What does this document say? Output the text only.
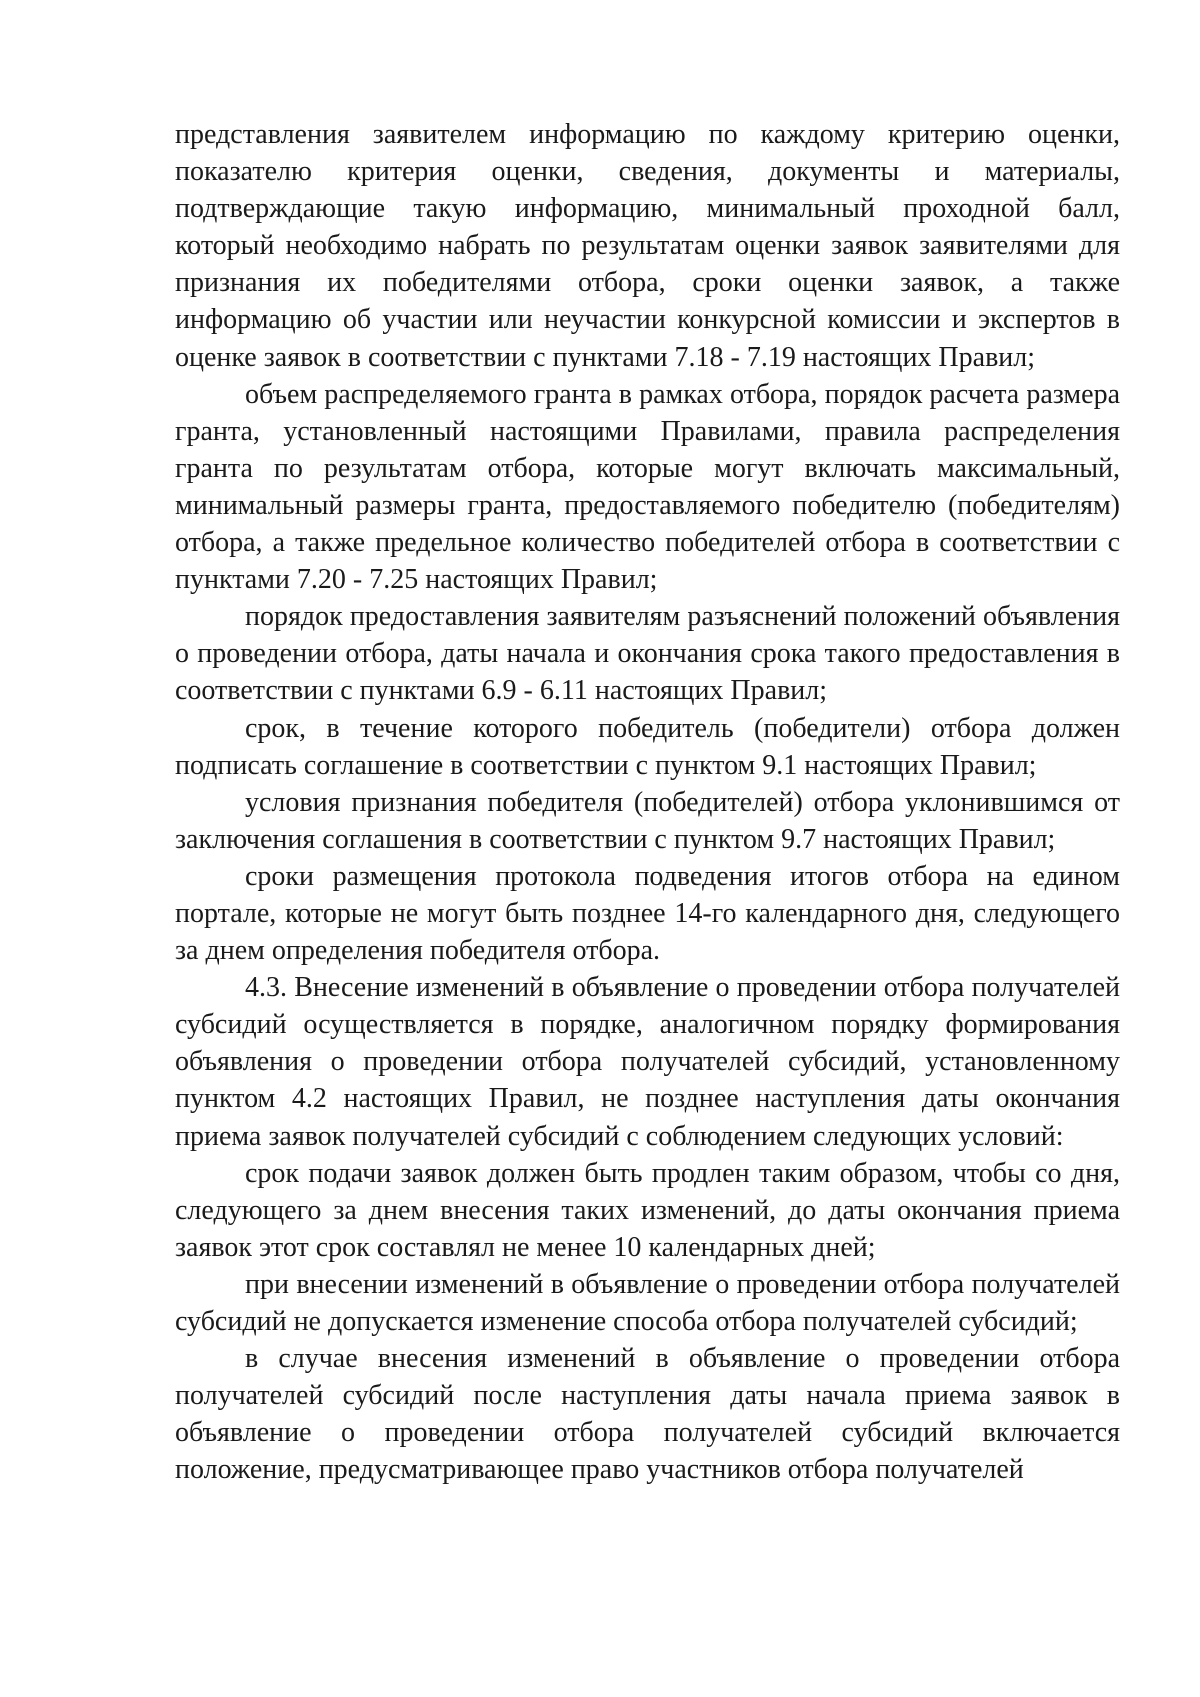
представления заявителем информацию по каждому критерию оценки, показателю критерия оценки, сведения, документы и материалы, подтверждающие такую информацию, минимальный проходной балл, который необходимо набрать по результатам оценки заявок заявителями для признания их победителями отбора, сроки оценки заявок, а также информацию об участии или неучастии конкурсной комиссии и экспертов в оценке заявок в соответствии с пунктами 7.18 - 7.19 настоящих Правил;

объем распределяемого гранта в рамках отбора, порядок расчета размера гранта, установленный настоящими Правилами, правила распределения гранта по результатам отбора, которые могут включать максимальный, минимальный размеры гранта, предоставляемого победителю (победителям) отбора, а также предельное количество победителей отбора в соответствии с пунктами 7.20 - 7.25 настоящих Правил;

порядок предоставления заявителям разъяснений положений объявления о проведении отбора, даты начала и окончания срока такого предоставления в соответствии с пунктами 6.9 - 6.11 настоящих Правил;

срок, в течение которого победитель (победители) отбора должен подписать соглашение в соответствии с пунктом 9.1 настоящих Правил;

условия признания победителя (победителей) отбора уклонившимся от заключения соглашения в соответствии с пунктом 9.7 настоящих Правил;

сроки размещения протокола подведения итогов отбора на едином портале, которые не могут быть позднее 14-го календарного дня, следующего за днем определения победителя отбора.

4.3. Внесение изменений в объявление о проведении отбора получателей субсидий осуществляется в порядке, аналогичном порядку формирования объявления о проведении отбора получателей субсидий, установленному пунктом 4.2 настоящих Правил, не позднее наступления даты окончания приема заявок получателей субсидий с соблюдением следующих условий:

срок подачи заявок должен быть продлен таким образом, чтобы со дня, следующего за днем внесения таких изменений, до даты окончания приема заявок этот срок составлял не менее 10 календарных дней;

при внесении изменений в объявление о проведении отбора получателей субсидий не допускается изменение способа отбора получателей субсидий;

в случае внесения изменений в объявление о проведении отбора получателей субсидий после наступления даты начала приема заявок в объявление о проведении отбора получателей субсидий включается положение, предусматривающее право участников отбора получателей
